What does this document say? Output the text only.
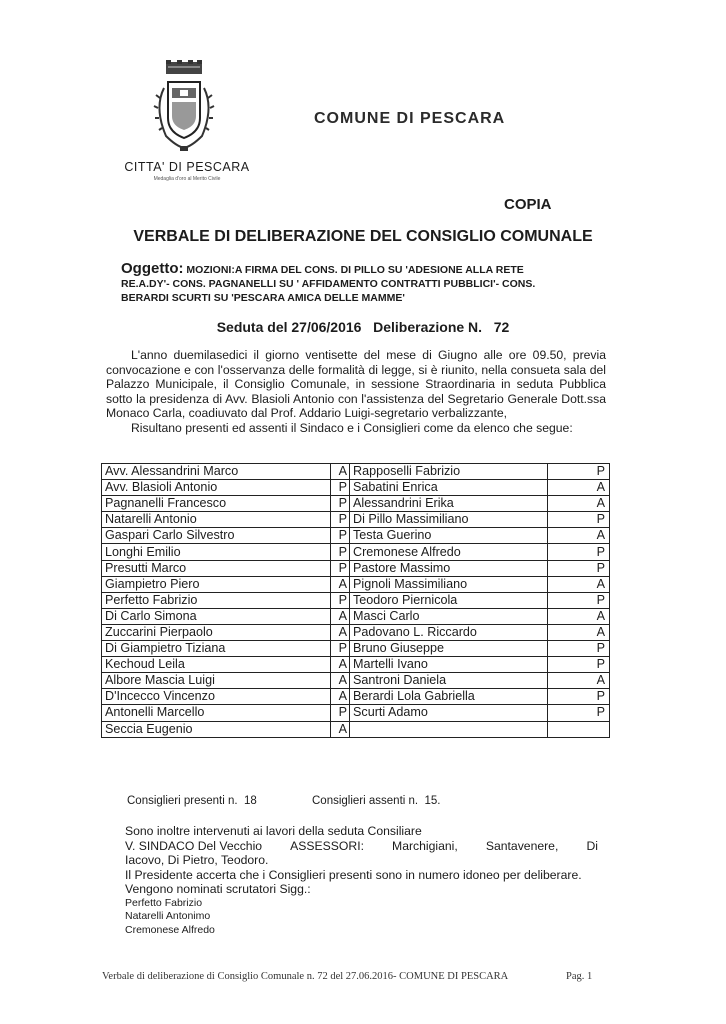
CITTA' DI PESCARA
Medaglia d'oro al Merito Civile
COMUNE DI PESCARA
COPIA
VERBALE DI DELIBERAZIONE DEL CONSIGLIO COMUNALE
Oggetto: MOZIONI:A FIRMA DEL CONS. DI PILLO SU 'ADESIONE ALLA RETE
RE.A.DY'- CONS. PAGNANELLI SU ' AFFIDAMENTO CONTRATTI PUBBLICI'- CONS.
BERARDI SCURTI SU 'PESCARA AMICA DELLE MAMME'
Seduta del 27/06/2016   Deliberazione N.   72

L'anno duemilasedici il giorno ventisette del mese di Giugno alle ore 09.50, previa convocazione e con l'osservanza delle formalità di legge, si è riunito, nella consueta sala del Palazzo Municipale, il Consiglio Comunale, in sessione Straordinaria in seduta Pubblica sotto la presidenza di Avv. Blasioli Antonio con l'assistenza del Segretario Generale Dott.ssa Monaco Carla, coadiuvato dal Prof. Addario Luigi-segretario verbalizzante,

Risultano presenti ed assenti il Sindaco e i Consiglieri come da elenco che segue:

Avv. Alessandrini Marco	A	Rapposelli Fabrizio	P
Avv. Blasioli Antonio	P	Sabatini Enrica	A
Pagnanelli Francesco	P	Alessandrini Erika	A
Natarelli Antonio	P	Di Pillo Massimiliano	P
Gaspari Carlo Silvestro	P	Testa Guerino	A
Longhi Emilio	P	Cremonese Alfredo	P
Presutti Marco	P	Pastore Massimo	P
Giampietro Piero	A	Pignoli Massimiliano	A
Perfetto Fabrizio	P	Teodoro Piernicola	P
Di Carlo Simona	A	Masci Carlo	A
Zuccarini Pierpaolo	A	Padovano L. Riccardo	A
Di Giampietro Tiziana	P	Bruno Giuseppe	P
Kechoud Leila	A	Martelli Ivano	P
Albore Mascia Luigi	A	Santroni Daniela	A
D'Incecco Vincenzo	A	Berardi Lola Gabriella	P
Antonelli Marcello	P	Scurti Adamo	P
Seccia Eugenio	A		
Consiglieri presenti n.  18	Consiglieri assenti n.  15.
Sono inoltre intervenuti ai lavori della seduta Consiliare
V. SINDACO Del Vecchio ASSESSORI: Marchigiani, Santavenere, Di
Iacovo, Di Pietro, Teodoro.
Il Presidente accerta che i Consiglieri presenti sono in numero idoneo per deliberare.
Vengono nominati scrutatori Sigg.:
Perfetto Fabrizio
Natarelli Antonimo
Cremonese Alfredo
Verbale di deliberazione di Consiglio Comunale n. 72 del 27.06.2016- COMUNE DI PESCARA	Pag. 1
